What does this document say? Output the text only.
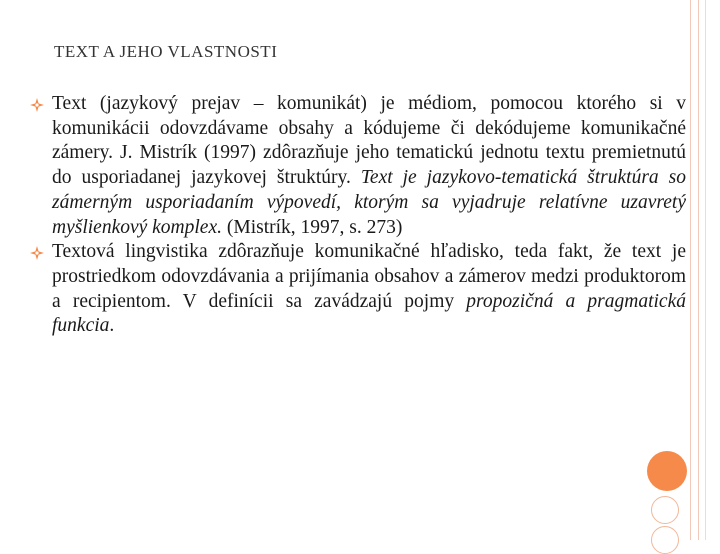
TEXT A JEHO VLASTNOSTI
Text (jazykový prejav – komunikát) je médiom, pomocou ktorého si v komunikácii odovzdávame obsahy a kódujeme či dekódujeme komunikačné zámery. J. Mistrík (1997) zdôrazňuje jeho tematickú jednotu textu premietnutú do usporiadanej jazykovej štruktúry. Text je jazykovo-tematická štruktúra so zámerným usporiadaním výpovedí, ktorým sa vyjadruje relatívne uzavretý myšlienkový komplex. (Mistrík, 1997, s. 273)
Textová lingvistika zdôrazňuje komunikačné hľadisko, teda fakt, že text je prostriedkom odovzdávania a prijímania obsahov a zámerov medzi produktorom a recipientom. V definícii sa zavádzajú pojmy propozičná a pragmatická funkcia.
